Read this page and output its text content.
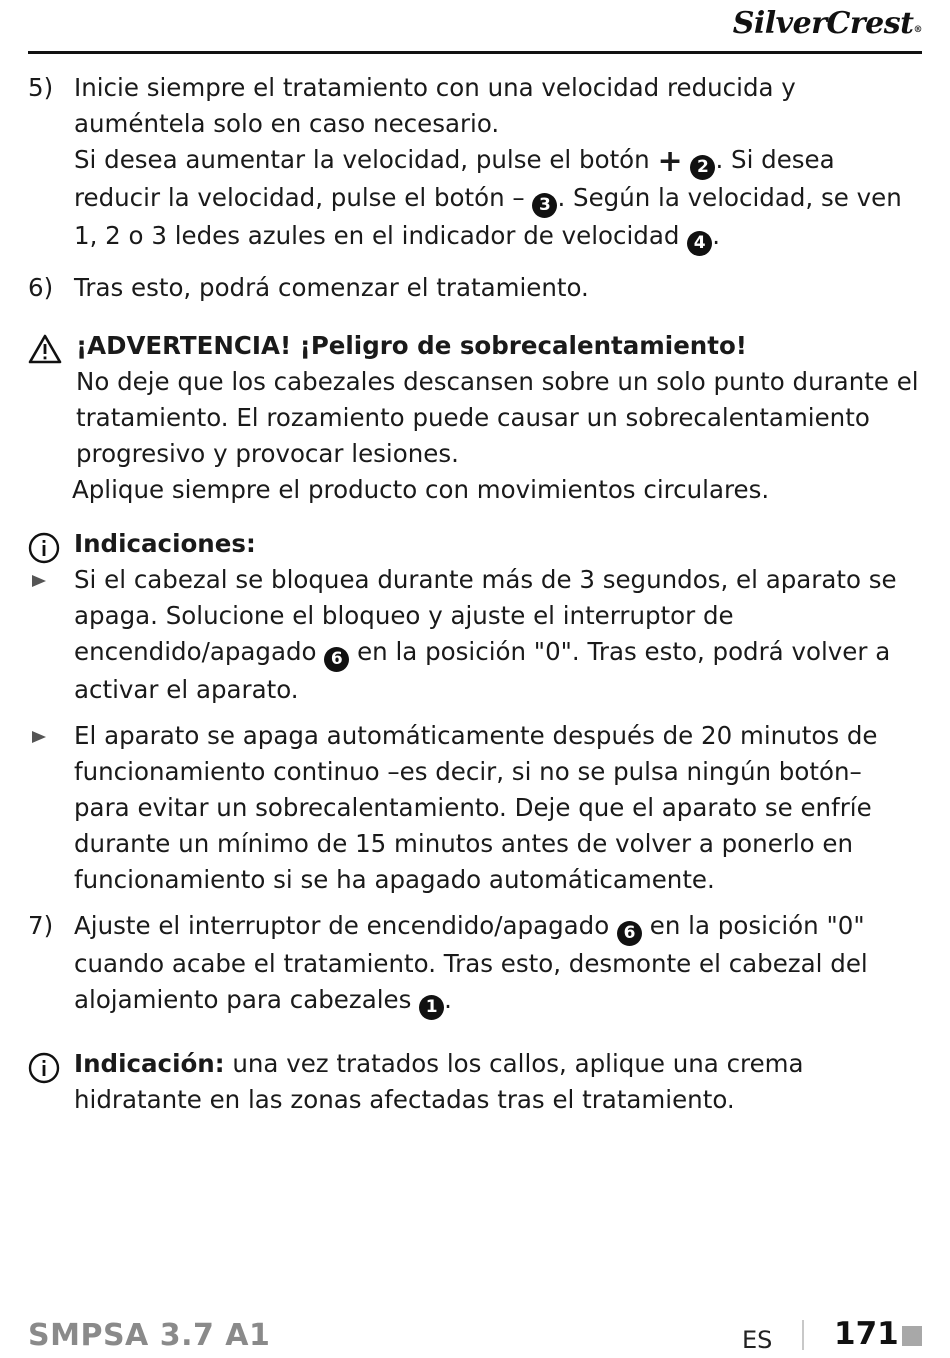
SilverCrest®
5) Inicie siempre el tratamiento con una velocidad reducida y auméntela solo en caso necesario.

Si desea aumentar la velocidad, pulse el botón + 2 . Si desea reducir la velocidad, pulse el botón – 3 . Según la velocidad, se ven 1, 2 o 3 ledes azules en el indicador de velocidad 4 .

6) Tras esto, podrá comenzar el tratamiento.

¡ADVERTENCIA! ¡Peligro de sobrecalentamiento!

No deje que los cabezales descansen sobre un solo punto durante el tratamiento. El rozamiento puede causar un sobrecalentamiento progresivo y provocar lesiones.

Aplique siempre el producto con movimientos circulares.

Indicaciones:

Si el cabezal se bloquea durante más de 3 segundos, el aparato se apaga. Solucione el bloqueo y ajuste el interruptor de encendido/apagado 6 en la posición "0". Tras esto, podrá volver a activar el aparato.

El aparato se apaga automáticamente después de 20 minutos de funcionamiento continuo –es decir, si no se pulsa ningún botón– para evitar un sobrecalentamiento. Deje que el aparato se enfríe durante un mínimo de 15 minutos antes de volver a ponerlo en funcionamiento si se ha apagado automáticamente.

7) Ajuste el interruptor de encendido/apagado 6 en la posición "0" cuando acabe el tratamiento. Tras esto, desmonte el cabezal del alojamiento para cabezales 1 .

Indicación: una vez tratados los callos, aplique una crema hidratante en las zonas afectadas tras el tratamiento.
SMPSA 3.7 A1	ES 171
